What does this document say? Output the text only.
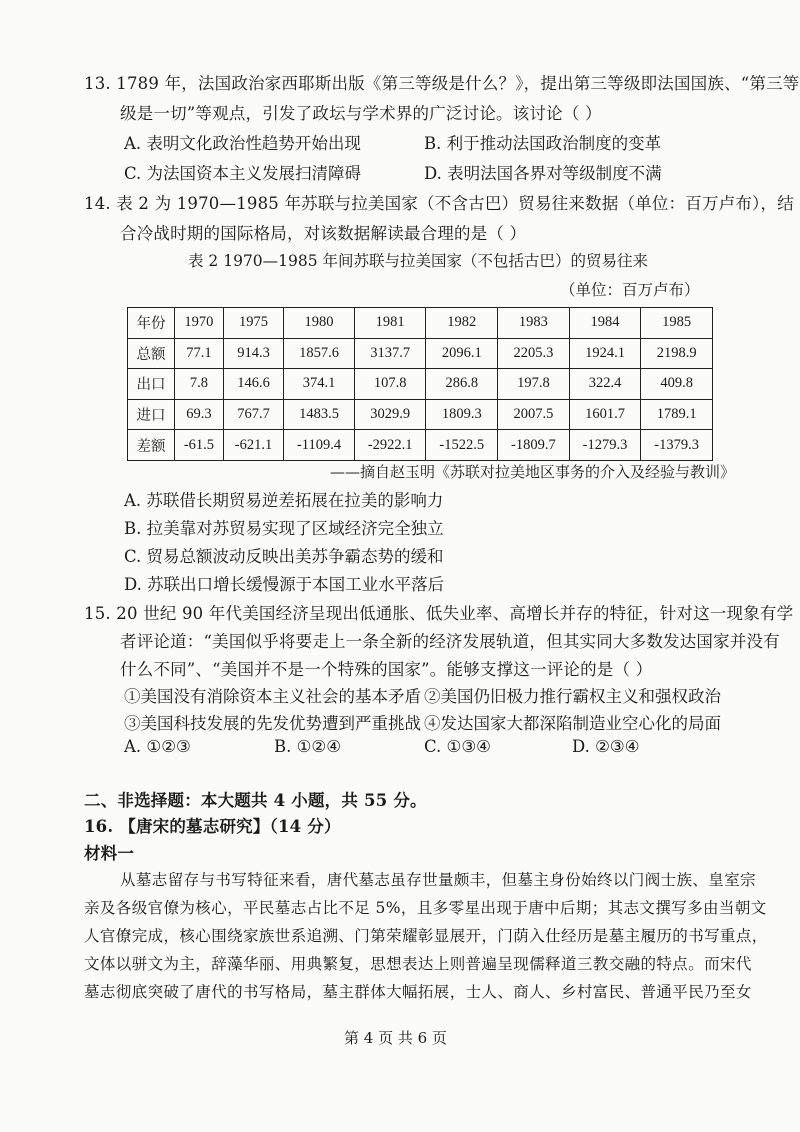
13. 1789 年，法国政治家西耶斯出版《第三等级是什么？》，提出第三等级即法国国族、“第三等
级是一切”等观点，引发了政坛与学术界的广泛讨论。该讨论（ ）
A. 表明文化政治性趋势开始出现	B. 利于推动法国政治制度的变革
C. 为法国资本主义发展扫清障碍	D. 表明法国各界对等级制度不满
14. 表 2 为 1970—1985 年苏联与拉美国家（不含古巴）贸易往来数据（单位：百万卢布），结
合冷战时期的国际格局，对该数据解读最合理的是（ ）
表 2 1970—1985 年间苏联与拉美国家（不包括古巴）的贸易往来
（单位：百万卢布）
年份	1970	1975	1980	1981	1982	1983	1984	1985
总额	77.1	914.3	1857.6	3137.7	2096.1	2205.3	1924.1	2198.9
出口	7.8	146.6	374.1	107.8	286.8	197.8	322.4	409.8
进口	69.3	767.7	1483.5	3029.9	1809.3	2007.5	1601.7	1789.1
差额	-61.5	-621.1	-1109.4	-2922.1	-1522.5	-1809.7	-1279.3	-1379.3
——摘自赵玉明《苏联对拉美地区事务的介入及经验与教训》
A. 苏联借长期贸易逆差拓展在拉美的影响力
B. 拉美靠对苏贸易实现了区域经济完全独立
C. 贸易总额波动反映出美苏争霸态势的缓和
D. 苏联出口增长缓慢源于本国工业水平落后
15. 20 世纪 90 年代美国经济呈现出低通胀、低失业率、高增长并存的特征，针对这一现象有学
者评论道：“美国似乎将要走上一条全新的经济发展轨道，但其实同大多数发达国家并没有
什么不同”、“美国并不是一个特殊的国家”。能够支撑这一评论的是（ ）
①美国没有消除资本主义社会的基本矛盾 ②美国仍旧极力推行霸权主义和强权政治
③美国科技发展的先发优势遭到严重挑战 ④发达国家大都深陷制造业空心化的局面
A. ①②③	B. ①②④	C. ①③④	D. ②③④
二、非选择题：本大题共 4 小题，共 55 分。
16. 【唐宋的墓志研究】（14 分）
材料一
从墓志留存与书写特征来看，唐代墓志虽存世量颇丰，但墓主身份始终以门阀士族、皇室宗
亲及各级官僚为核心，平民墓志占比不足 5%，且多零星出现于唐中后期；其志文撰写多由当朝文
人官僚完成，核心围绕家族世系追溯、门第荣耀彰显展开，门荫入仕经历是墓主履历的书写重点，
文体以骈文为主，辞藻华丽、用典繁复，思想表达上则普遍呈现儒释道三教交融的特点。而宋代
墓志彻底突破了唐代的书写格局，墓主群体大幅拓展，士人、商人、乡村富民、普通平民乃至女
第 4 页 共 6 页
